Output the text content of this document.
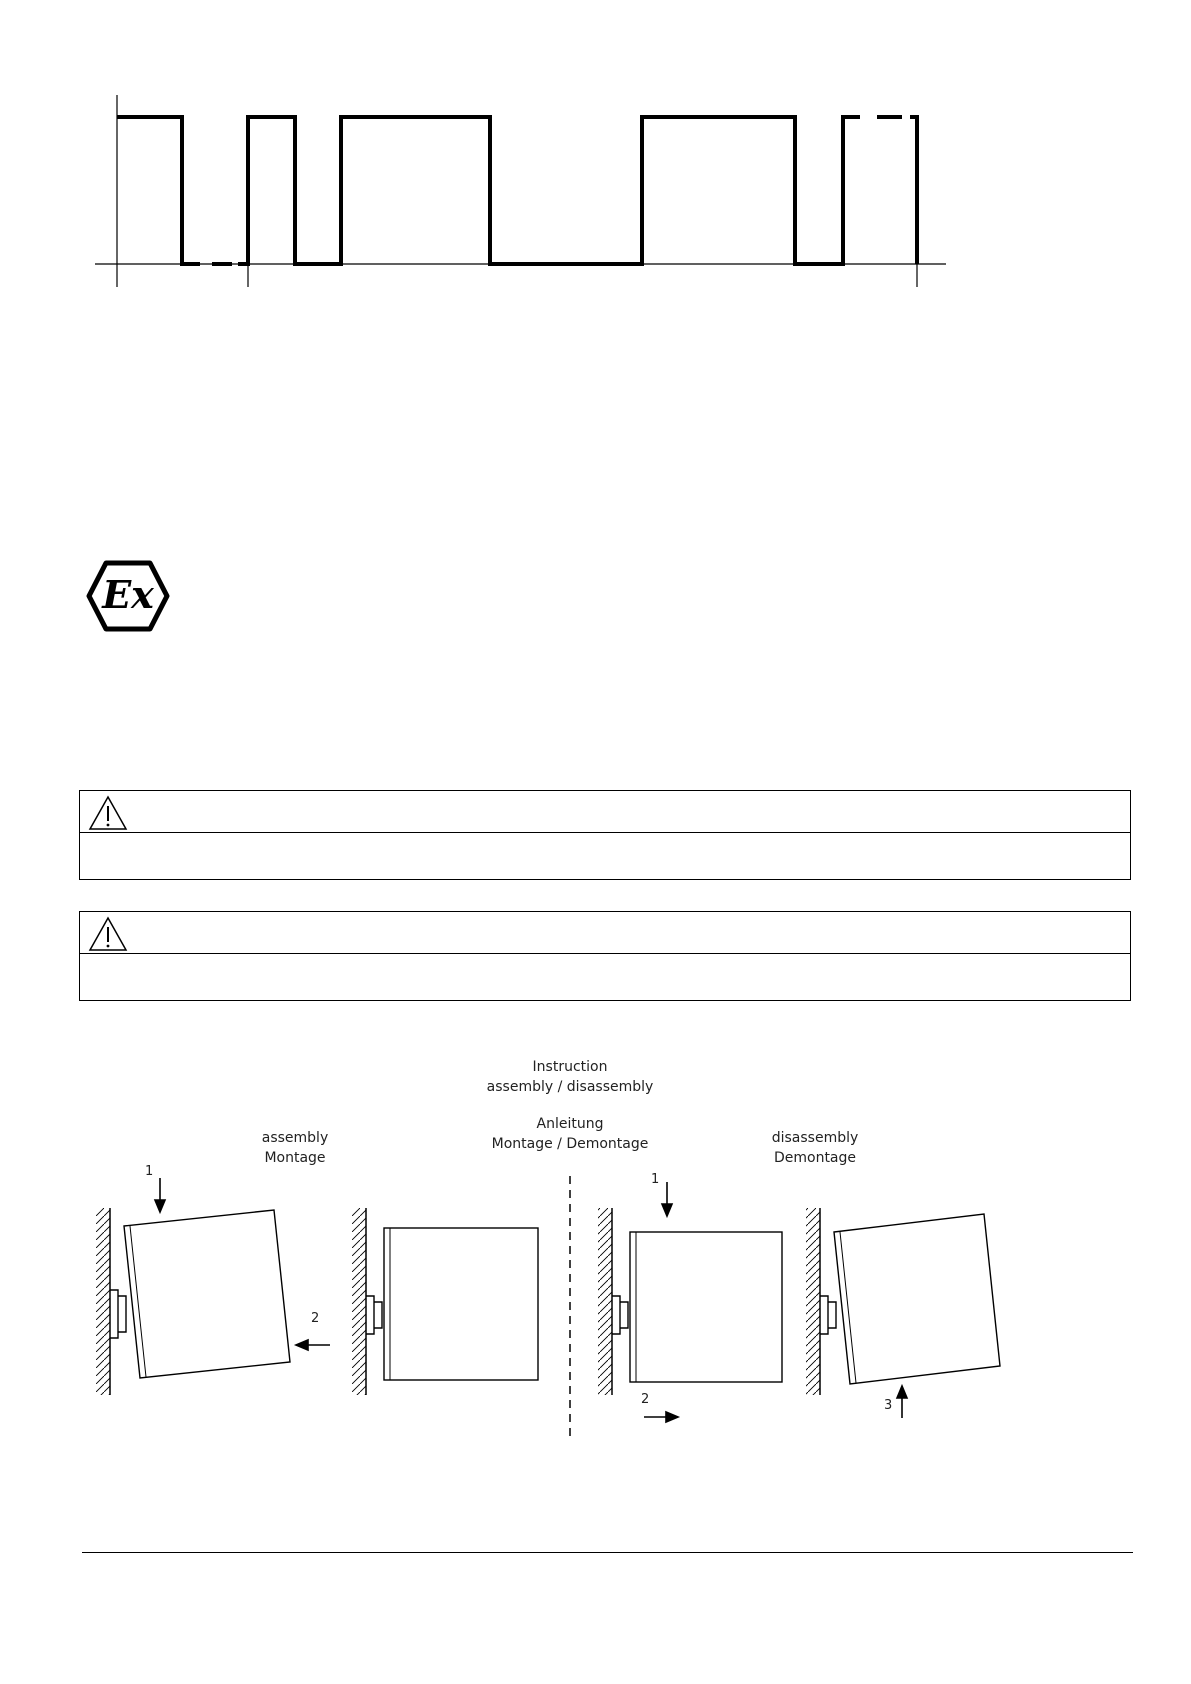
Ex
Instruction
assembly / disassembly
Anleitung
Montage / Demontage
assembly
Montage
disassembly
Demontage
1
2
1
2	3
